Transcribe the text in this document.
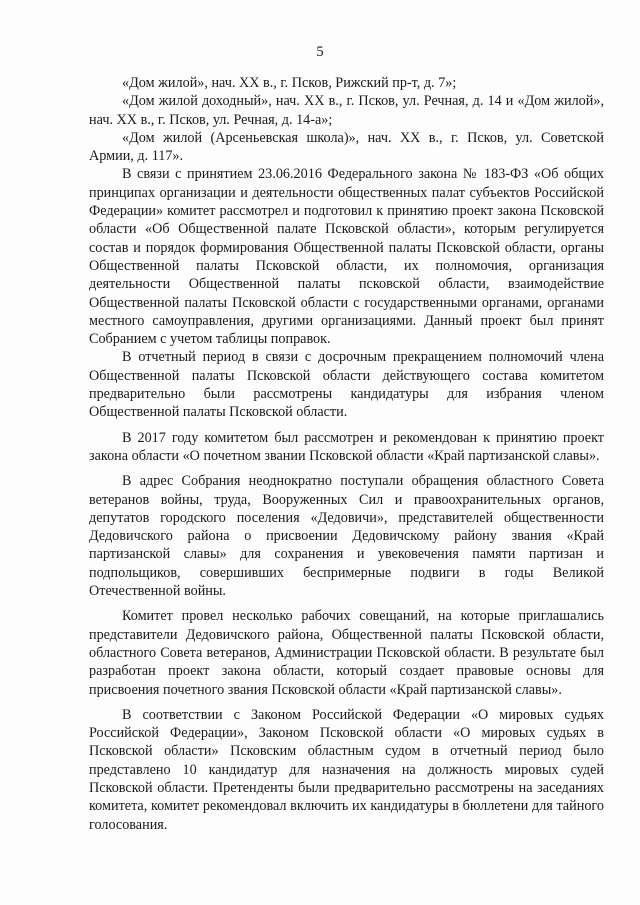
5

«Дом жилой», нач. XX в., г. Псков, Рижский пр-т, д. 7»;

«Дом жилой доходный», нач. XX в., г. Псков, ул. Речная, д. 14 и «Дом жилой», нач. XX в., г. Псков, ул. Речная, д. 14-а»;

«Дом жилой (Арсеньевская школа)», нач. XX в., г. Псков, ул. Советской Армии, д. 117».

В связи с принятием 23.06.2016 Федерального закона № 183-ФЗ «Об общих принципах организации и деятельности общественных палат субъектов Российской Федерации» комитет рассмотрел и подготовил к принятию проект закона Псковской области «Об Общественной палате Псковской области», которым регулируется состав и порядок формирования Общественной палаты Псковской области, органы Общественной палаты Псковской области, их полномочия, организация деятельности Общественной палаты псковской области, взаимодействие Общественной палаты Псковской области с государственными органами, органами местного самоуправления, другими организациями. Данный проект был принят Собранием с учетом таблицы поправок.

В отчетный период в связи с досрочным прекращением полномочий члена Общественной палаты Псковской области действующего состава комитетом предварительно были рассмотрены кандидатуры для избрания членом Общественной палаты Псковской области.

В 2017 году комитетом был рассмотрен и рекомендован к принятию проект закона области «О почетном звании Псковской области «Край партизанской славы».

В адрес Собрания неоднократно поступали обращения областного Совета ветеранов войны, труда, Вооруженных Сил и правоохранительных органов, депутатов городского поселения «Дедовичи», представителей общественности Дедовичского района о присвоении Дедовичскому району звания «Край партизанской славы» для сохранения и увековечения памяти партизан и подпольщиков, совершивших беспримерные подвиги в годы Великой Отечественной войны.

Комитет провел несколько рабочих совещаний, на которые приглашались представители Дедовичского района, Общественной палаты Псковской области, областного Совета ветеранов, Администрации Псковской области. В результате был разработан проект закона области, который создает правовые основы для присвоения почетного звания Псковской области «Край партизанской славы».

В соответствии с Законом Российской Федерации «О мировых судьях Российской Федерации», Законом Псковской области «О мировых судьях в Псковской области» Псковским областным судом в отчетный период было представлено 10 кандидатур для назначения на должность мировых судей Псковской области. Претенденты были предварительно рассмотрены на заседаниях комитета, комитет рекомендовал включить их кандидатуры в бюллетени для тайного голосования.
